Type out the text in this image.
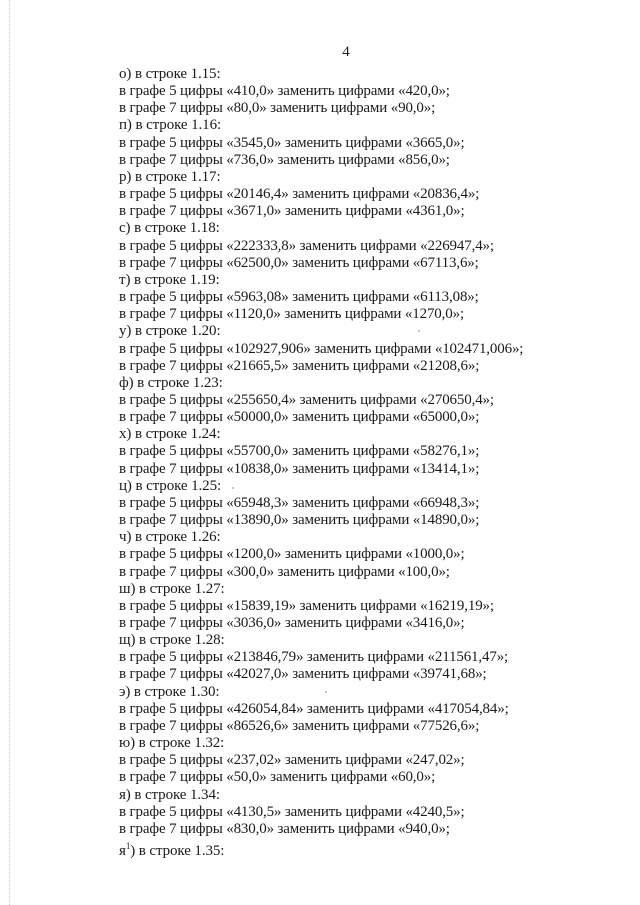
4
о) в строке 1.15:
в графе 5 цифры «410,0» заменить цифрами «420,0»;
в графе 7 цифры «80,0» заменить цифрами «90,0»;
п) в строке 1.16:
в графе 5 цифры «3545,0» заменить цифрами «3665,0»;
в графе 7 цифры «736,0» заменить цифрами «856,0»;
р) в строке 1.17:
в графе 5 цифры «20146,4» заменить цифрами «20836,4»;
в графе 7 цифры «3671,0» заменить цифрами «4361,0»;
с) в строке 1.18:
в графе 5 цифры «222333,8» заменить цифрами «226947,4»;
в графе 7 цифры «62500,0» заменить цифрами «67113,6»;
т) в строке 1.19:
в графе 5 цифры «5963,08» заменить цифрами «6113,08»;
в графе 7 цифры «1120,0» заменить цифрами «1270,0»;
у) в строке 1.20:
в графе 5 цифры «102927,906» заменить цифрами «102471,006»;
в графе 7 цифры «21665,5» заменить цифрами «21208,6»;
ф) в строке 1.23:
в графе 5 цифры «255650,4» заменить цифрами «270650,4»;
в графе 7 цифры «50000,0» заменить цифрами «65000,0»;
х) в строке 1.24:
в графе 5 цифры «55700,0» заменить цифрами «58276,1»;
в графе 7 цифры «10838,0» заменить цифрами «13414,1»;
ц) в строке 1.25:
в графе 5 цифры «65948,3» заменить цифрами «66948,3»;
в графе 7 цифры «13890,0» заменить цифрами «14890,0»;
ч) в строке 1.26:
в графе 5 цифры «1200,0» заменить цифрами «1000,0»;
в графе 7 цифры «300,0» заменить цифрами «100,0»;
ш) в строке 1.27:
в графе 5 цифры «15839,19» заменить цифрами «16219,19»;
в графе 7 цифры «3036,0» заменить цифрами «3416,0»;
щ) в строке 1.28:
в графе 5 цифры «213846,79» заменить цифрами «211561,47»;
в графе 7 цифры «42027,0» заменить цифрами «39741,68»;
э) в строке 1.30:
в графе 5 цифры «426054,84» заменить цифрами «417054,84»;
в графе 7 цифры «86526,6» заменить цифрами «77526,6»;
ю) в строке 1.32:
в графе 5 цифры «237,02» заменить цифрами «247,02»;
в графе 7 цифры «50,0» заменить цифрами «60,0»;
я) в строке 1.34:
в графе 5 цифры «4130,5» заменить цифрами «4240,5»;
в графе 7 цифры «830,0» заменить цифрами «940,0»;
$я^1$) в строке 1.35:
